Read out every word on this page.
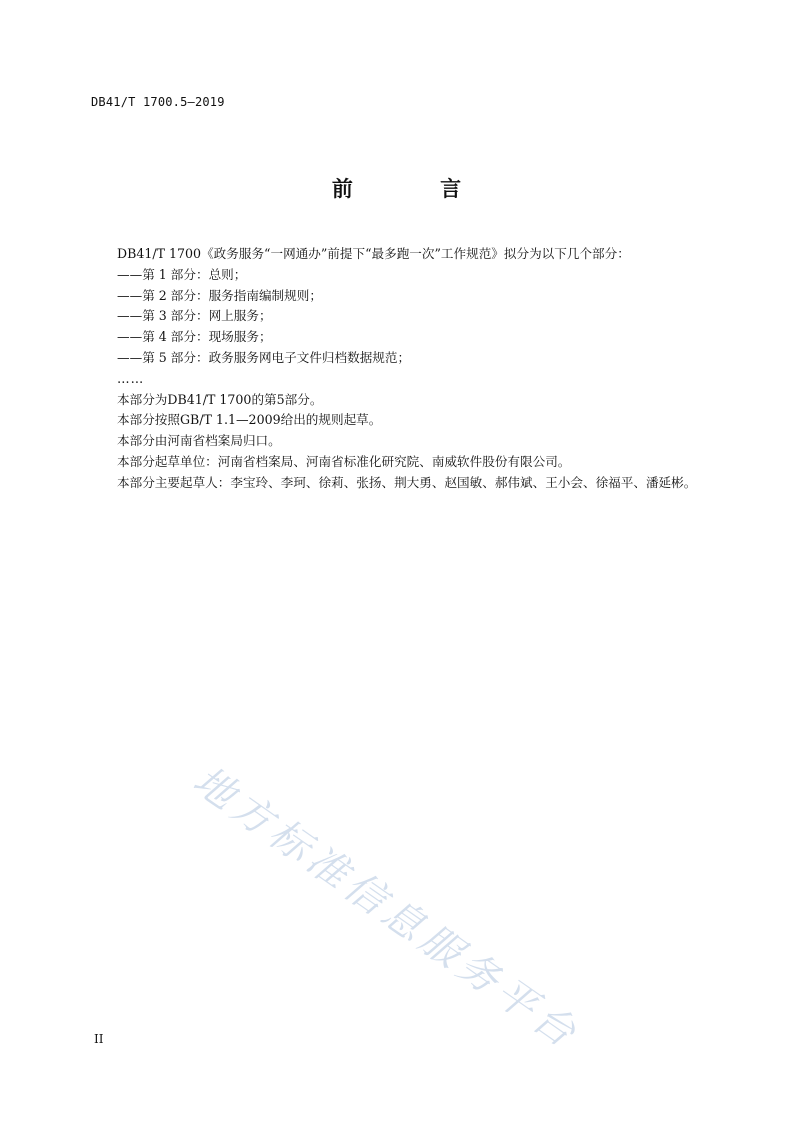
DB41/T 1700.5—2019
前 言

DB41/T 1700《政务服务“一网通办”前提下“最多跑一次”工作规范》拟分为以下几个部分：

——第 1 部分：总则；

——第 2 部分：服务指南编制规则；

——第 3 部分：网上服务；

——第 4 部分：现场服务；

——第 5 部分：政务服务网电子文件归档数据规范；

……

本部分为DB41/T 1700的第5部分。

本部分按照GB/T 1.1—2009给出的规则起草。

本部分由河南省档案局归口。

本部分起草单位：河南省档案局、河南省标准化研究院、南威软件股份有限公司。

本部分主要起草人：李宝玲、李珂、徐莉、张扬、荆大勇、赵国敏、郝伟斌、王小会、徐福平、潘延彬。

地方标准信息服务平台
II
